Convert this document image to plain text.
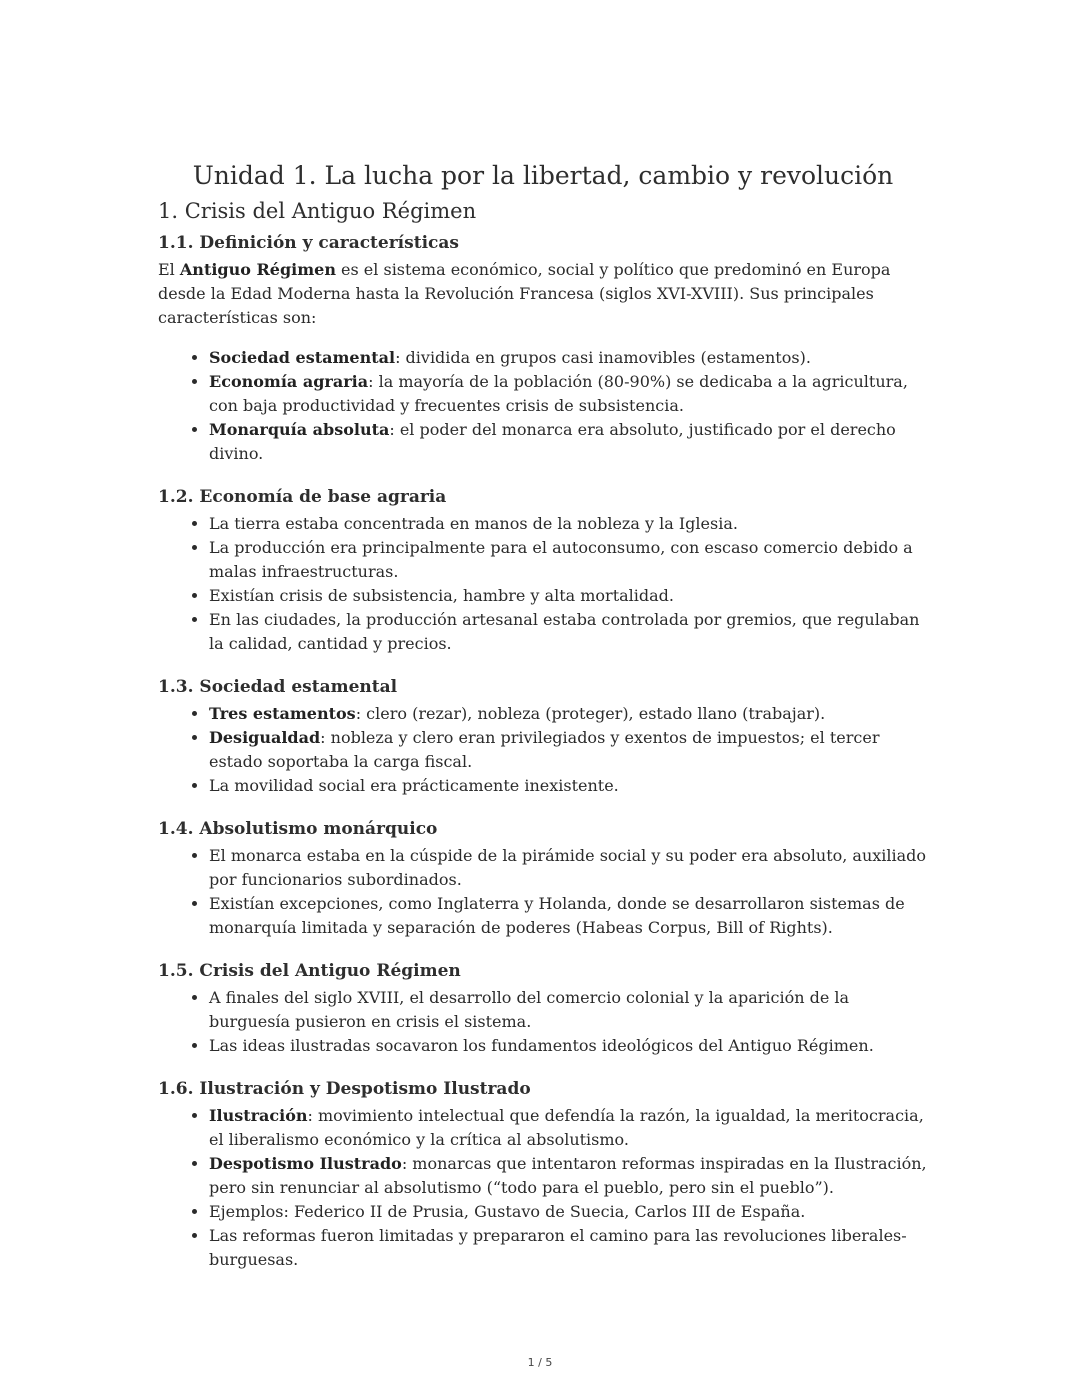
Unidad 1. La lucha por la libertad, cambio y revolución
1. Crisis del Antiguo Régimen
1.1. Definición y características

El Antiguo Régimen es el sistema económico, social y político que predominó en Europa desde la Edad Moderna hasta la Revolución Francesa (siglos XVI-XVIII). Sus principales características son:

• Sociedad estamental: dividida en grupos casi inamovibles (estamentos).
• Economía agraria: la mayoría de la población (80-90%) se dedicaba a la agricultura, con baja productividad y frecuentes crisis de subsistencia.
• Monarquía absoluta: el poder del monarca era absoluto, justificado por el derecho divino.
1.2. Economía de base agraria
• La tierra estaba concentrada en manos de la nobleza y la Iglesia.
• La producción era principalmente para el autoconsumo, con escaso comercio debido a malas infraestructuras.
• Existían crisis de subsistencia, hambre y alta mortalidad.
• En las ciudades, la producción artesanal estaba controlada por gremios, que regulaban la calidad, cantidad y precios.
1.3. Sociedad estamental
• Tres estamentos: clero (rezar), nobleza (proteger), estado llano (trabajar).
• Desigualdad: nobleza y clero eran privilegiados y exentos de impuestos; el tercer estado soportaba la carga fiscal.
• La movilidad social era prácticamente inexistente.
1.4. Absolutismo monárquico
• El monarca estaba en la cúspide de la pirámide social y su poder era absoluto, auxiliado por funcionarios subordinados.
• Existían excepciones, como Inglaterra y Holanda, donde se desarrollaron sistemas de monarquía limitada y separación de poderes (Habeas Corpus, Bill of Rights).
1.5. Crisis del Antiguo Régimen
• A finales del siglo XVIII, el desarrollo del comercio colonial y la aparición de la burguesía pusieron en crisis el sistema.
• Las ideas ilustradas socavaron los fundamentos ideológicos del Antiguo Régimen.
1.6. Ilustración y Despotismo Ilustrado
• Ilustración: movimiento intelectual que defendía la razón, la igualdad, la meritocracia, el liberalismo económico y la crítica al absolutismo.
• Despotismo Ilustrado: monarcas que intentaron reformas inspiradas en la Ilustración, pero sin renunciar al absolutismo (“todo para el pueblo, pero sin el pueblo”).
• Ejemplos: Federico II de Prusia, Gustavo de Suecia, Carlos III de España.
• Las reformas fueron limitadas y prepararon el camino para las revoluciones liberales-burguesas.
1 / 5
